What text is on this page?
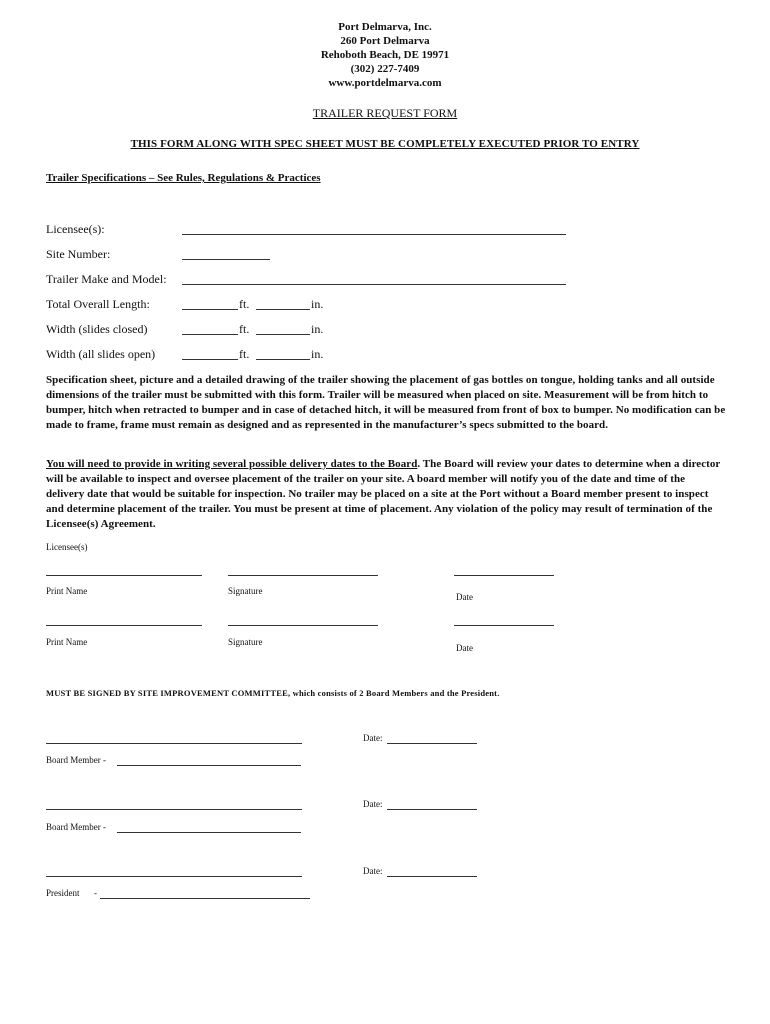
Port Delmarva, Inc.
260 Port Delmarva
Rehoboth Beach, DE 19971
(302) 227-7409
www.portdelmarva.com
TRAILER REQUEST FORM
THIS FORM ALONG WITH SPEC SHEET MUST BE COMPLETELY EXECUTED PRIOR TO ENTRY
Trailer Specifications – See Rules, Regulations & Practices
Licensee(s):
Site Number:
Trailer Make and Model:
Total Overall Length:	ft.	in.
Width (slides closed)	ft.	in.
Width (all slides open)	ft.	in.
Specification sheet, picture and a detailed drawing of the trailer showing the placement of gas bottles on tongue, holding tanks and all outside dimensions of the trailer must be submitted with this form. Trailer will be measured when placed on site. Measurement will be from hitch to bumper, hitch when retracted to bumper and in case of detached hitch, it will be measured from front of box to bumper. No modification can be made to frame, frame must remain as designed and as represented in the manufacturer’s specs submitted to the board.
You will need to provide in writing several possible delivery dates to the Board. The Board will review your dates to determine when a director will be available to inspect and oversee placement of the trailer on your site. A board member will notify you of the date and time of the delivery date that would be suitable for inspection. No trailer may be placed on a site at the Port without a Board member present to inspect and determine placement of the trailer. You must be present at time of placement. Any violation of the policy may result of termination of the Licensee(s) Agreement.
Licensee(s)
Print Name	Signature
Date
Print Name	Signature
Date
MUST BE SIGNED BY SITE IMPROVEMENT COMMITTEE, which consists of 2 Board Members and the President.
Date:
Board Member -
Date:
Board Member -
Date:
President -
